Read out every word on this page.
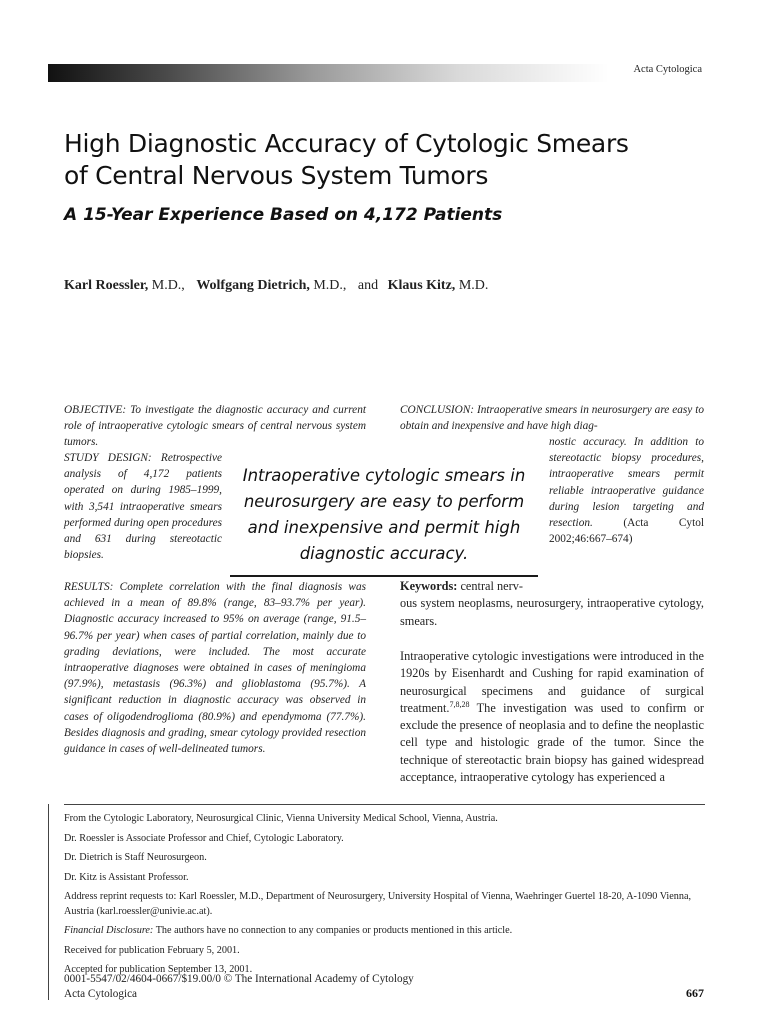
Acta Cytologica
High Diagnostic Accuracy of Cytologic Smears
of Central Nervous System Tumors
A 15-Year Experience Based on 4,172 Patients
Karl Roessler, M.D., Wolfgang Dietrich, M.D., and Klaus Kitz, M.D.

OBJECTIVE: To investigate the diagnostic accuracy and current role of intraoperative cytologic smears of central nervous system tumors.

CONCLUSION: Intraoperative smears in neurosurgery are easy to obtain and inexpensive and have high diag-

STUDY DESIGN: Retrospective analysis of 4,172 patients operated on during 1985–1999, with 3,541 intraoperative smears performed during open procedures and 631 during stereotactic biopsies.

nostic accuracy. In addition to stereotactic biopsy procedures, intraoperative smears permit reliable intraoperative guidance during lesion targeting and resection.	(Acta Cytol 2002;46:667–674)

Intraoperative cytologic smears in neurosurgery are easy to perform and inexpensive and permit high diagnostic accuracy.

RESULTS: Complete correlation with the final diagnosis was achieved in a mean of 89.8% (range, 83–93.7% per year). Diagnostic accuracy increased to 95% on average (range, 91.5–96.7% per year) when cases of partial correlation, mainly due to grading deviations, were included. The most accurate intraoperative diagnoses were obtained in cases of meningioma (97.9%), metastasis (96.3%) and glioblastoma (95.7%). A significant reduction in diagnostic accuracy was observed in cases of oligodendroglioma (80.9%) and ependymoma (77.7%). Besides diagnosis and grading, smear cytology provided resection guidance in cases of well-delineated tumors.

Keywords: central nerv-
ous system neoplasms, neurosurgery, intraoperative cytology, smears.

Intraoperative cytologic investigations were introduced in the 1920s by Eisenhardt and Cushing for rapid examination of neurosurgical specimens and guidance of surgical treatment.$^{7,8,28}$ The investigation was used to confirm or exclude the presence of neoplasia and to define the neoplastic cell type and histologic grade of the tumor. Since the technique of stereotactic brain biopsy has gained widespread acceptance, intraoperative cytology has experienced a

From the Cytologic Laboratory, Neurosurgical Clinic, Vienna University Medical School, Vienna, Austria.

Dr. Roessler is Associate Professor and Chief, Cytologic Laboratory.

Dr. Dietrich is Staff Neurosurgeon.

Dr. Kitz is Assistant Professor.

Address reprint requests to: Karl Roessler, M.D., Department of Neurosurgery, University Hospital of Vienna, Waehringer Guertel 18-20, A-1090 Vienna, Austria (karl.roessler@univie.ac.at).

Financial Disclosure: The authors have no connection to any companies or products mentioned in this article.

Received for publication February 5, 2001.

Accepted for publication September 13, 2001.

0001-5547/02/4604-0667/$19.00/0 © The International Academy of Cytology
Acta Cytologica	667
